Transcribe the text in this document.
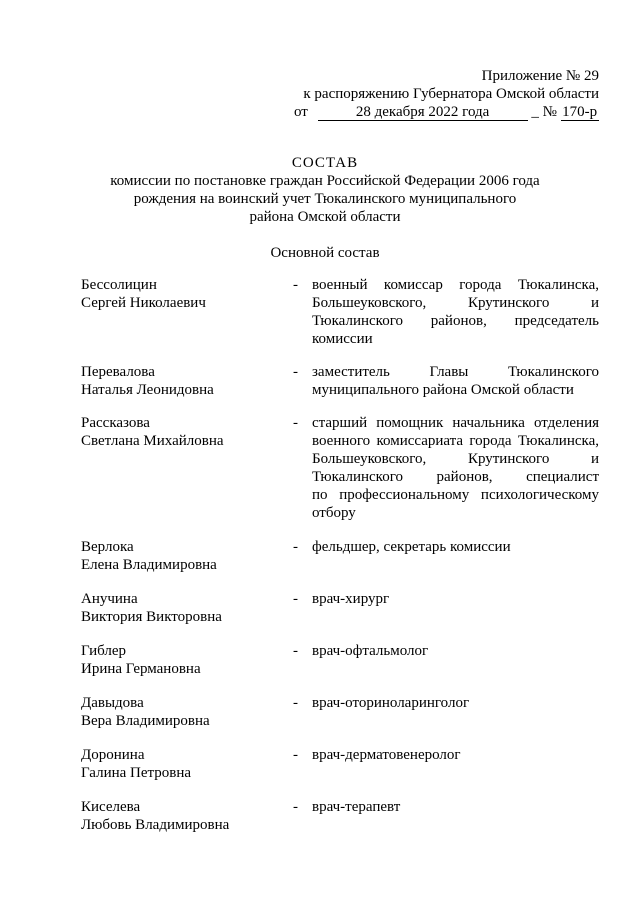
Приложение № 29
к распоряжению Губернатора Омской области
от	28 декабря 2022 года	_ № 170-р
СОСТАВ
комиссии по постановке граждан Российской Федерации 2006 года
рождения на воинский учет Тюкалинского муниципального
района Омской области
Основной состав
Бессолицин
Сергей Николаевич
- военный комиссар города Тюкалинска,
Большеуковского, Крутинского и
Тюкалинского районов, председатель
комиссии
Перевалова
Наталья Леонидовна
- заместитель Главы Тюкалинского
муниципального района Омской области
Рассказова
Светлана Михайловна
- старший помощник начальника отделения
военного комиссариата города Тюкалинска,
Большеуковского, Крутинского и
Тюкалинского районов, специалист
по профессиональному психологическому
отбору
Верлока
Елена Владимировна
- фельдшер, секретарь комиссии
Анучина
Виктория Викторовна
- врач-хирург
Гиблер
Ирина Германовна
- врач-офтальмолог
Давыдова
Вера Владимировна
- врач-оториноларинголог
Доронина
Галина Петровна
- врач-дерматовенеролог
Киселева
Любовь Владимировна
- врач-терапевт
